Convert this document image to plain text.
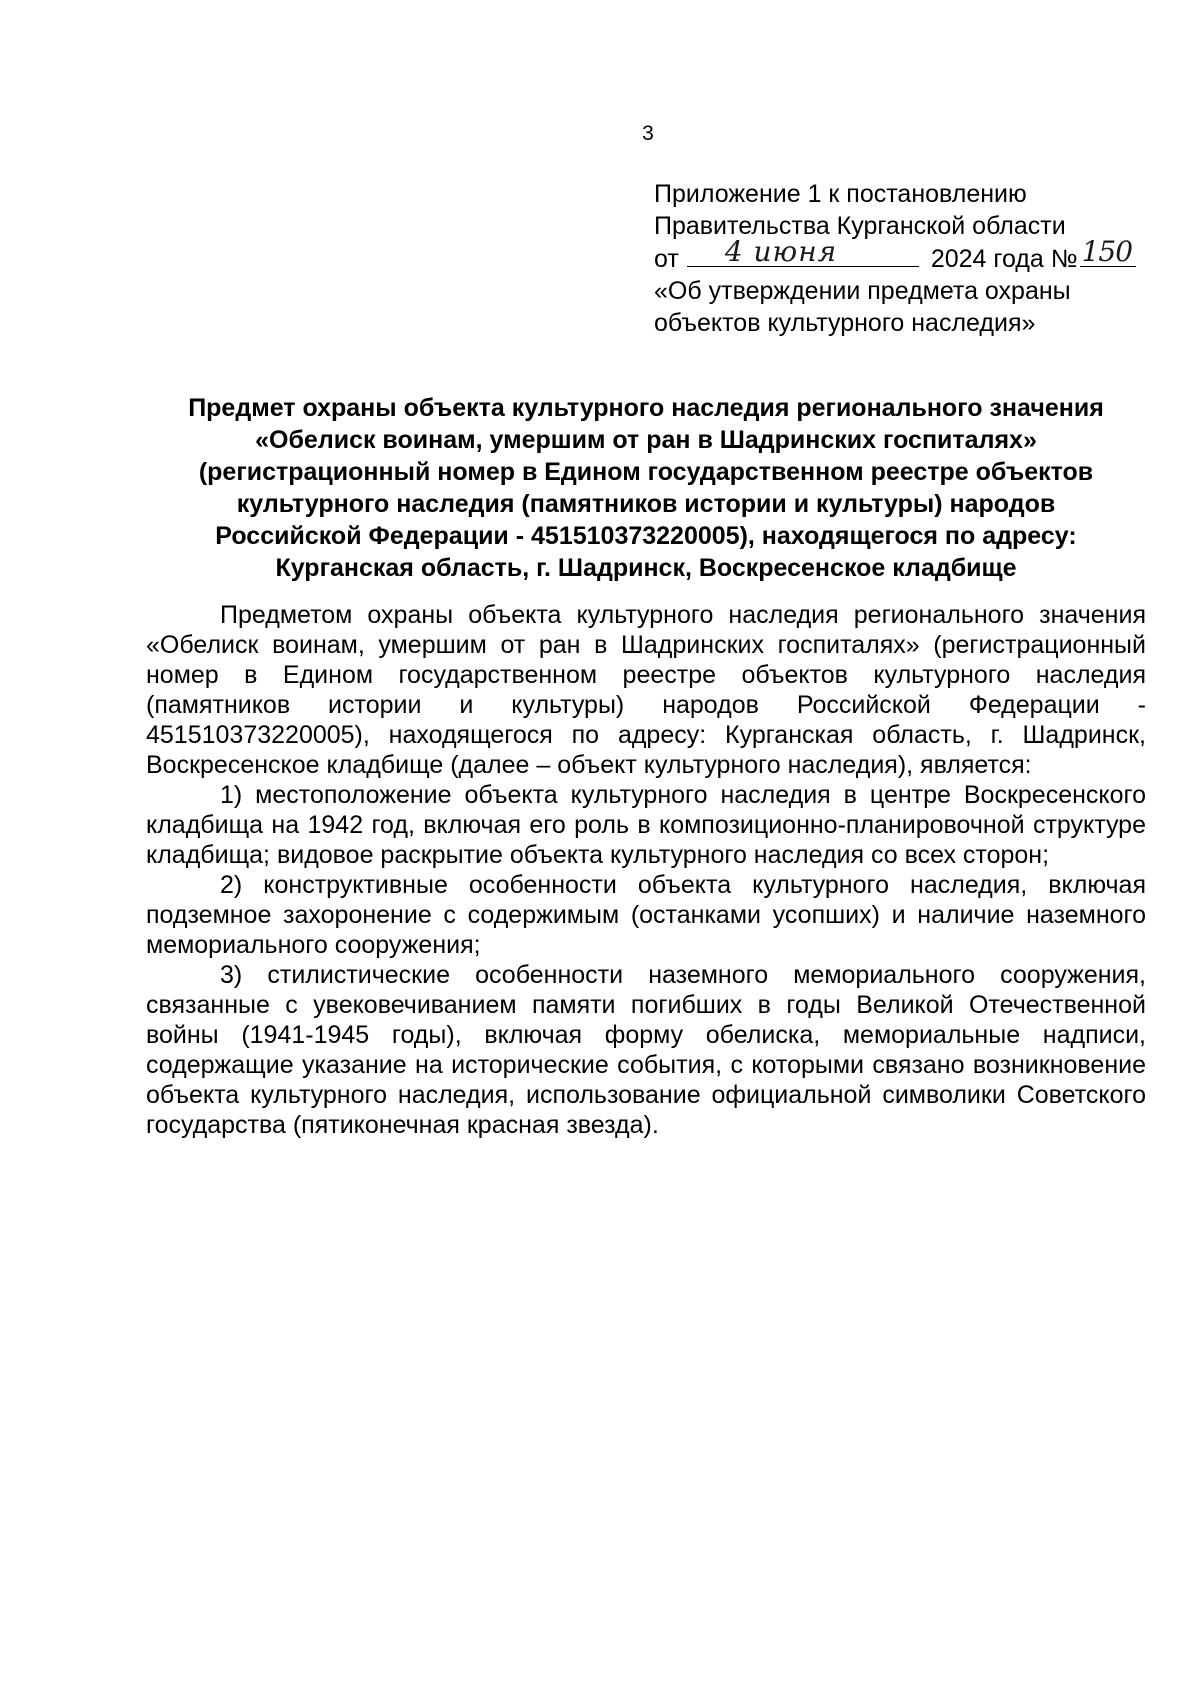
3
Приложение 1 к постановлению
Правительства Курганской области
от 4 июня	2024 года № 150
«Об утверждении предмета охраны
объектов культурного наследия»
Предмет охраны объекта культурного наследия регионального значения
«Обелиск воинам, умершим от ран в Шадринских госпиталях»
(регистрационный номер в Едином государственном реестре объектов
культурного наследия (памятников истории и культуры) народов
Российской Федерации - 451510373220005), находящегося по адресу:
Курганская область, г. Шадринск, Воскресенское кладбище

Предметом охраны объекта культурного наследия регионального значения «Обелиск воинам, умершим от ран в Шадринских госпиталях» (регистрационный номер в Едином государственном реестре объектов культурного наследия (памятников истории и культуры) народов Российской Федерации - 451510373220005), находящегося по адресу: Курганская область, г. Шадринск, Воскресенское кладбище (далее – объект культурного наследия), является:

1) местоположение объекта культурного наследия в центре Воскресенского кладбища на 1942 год, включая его роль в композиционно-планировочной структуре кладбища; видовое раскрытие объекта культурного наследия со всех сторон;

2) конструктивные особенности объекта культурного наследия, включая подземное захоронение с содержимым (останками усопших) и наличие наземного мемориального сооружения;

3) стилистические особенности наземного мемориального сооружения, связанные с увековечиванием памяти погибших в годы Великой Отечественной войны (1941-1945 годы), включая форму обелиска, мемориальные надписи, содержащие указание на исторические события, с которыми связано возникновение объекта культурного наследия, использование официальной символики Советского государства (пятиконечная красная звезда).
